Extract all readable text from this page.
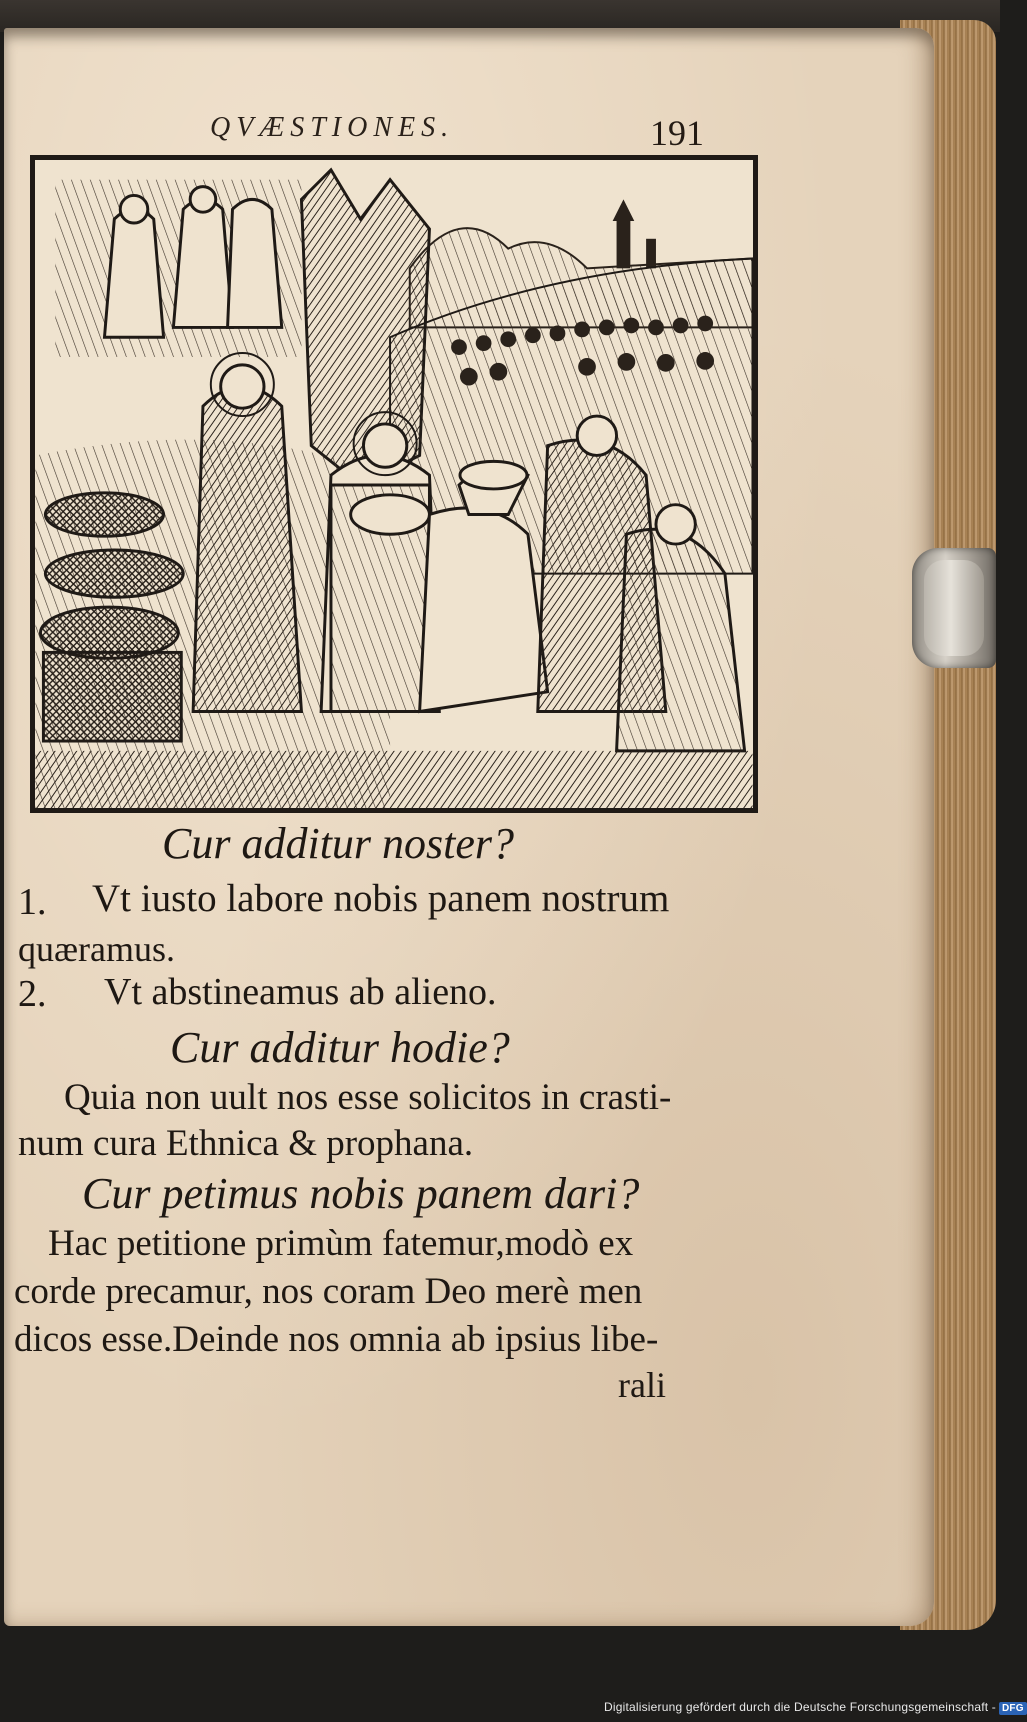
QVÆSTIONES.	191
Cur additur noster?
1. Vt iusto labore nobis panem nostrum
quæramus.
2. Vt abstineamus ab alieno.
Cur additur hodie?
Quia non uult nos esse solicitos in crasti-
num cura Ethnica & prophana.
Cur petimus nobis panem dari?
Hac petitione primùm fatemur,modò ex
corde precamur, nos coram Deo merè men
dicos esse.Deinde nos omnia ab ipsius libe-
rali
Digitalisierung gefördert durch die Deutsche Forschungsgemeinschaft - DFG
